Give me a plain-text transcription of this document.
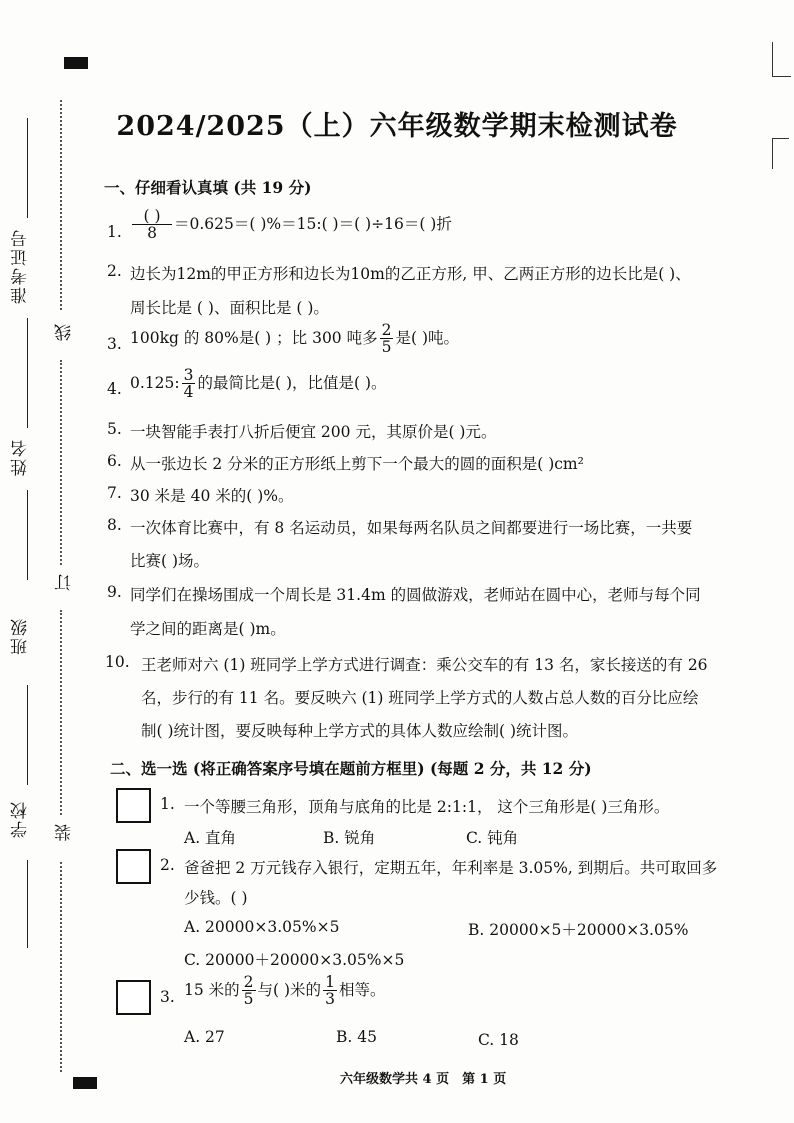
准考证号
姓名
班级
学校
线
订
装
2024/2025（上）六年级数学期末检测试卷
一、仔细看认真填 (共 19 分)
1. $\frac{( )}{8} =0.625=$( )%＝15:( )＝( )÷16＝( )折
2. 边长为12m的甲正方形和边长为10m的乙正方形, 甲、乙两正方形的边长比是( )、
周长比是 ( )、面积比是 ( )。
3. 100kg 的 80%是( ) ；比 300 吨多 $\frac{2}{5}$ 是( )吨。
4. 0.125: $\frac{3}{4}$ 的最简比是( )，比值是( )。
5. 一块智能手表打八折后便宜 200 元，其原价是( )元。
6. 从一张边长 2 分米的正方形纸上剪下一个最大的圆的面积是( )cm²
7. 30 米是 40 米的( )%。
8. 一次体育比赛中，有 8 名运动员，如果每两名队员之间都要进行一场比赛，一共要
比赛( )场。
9. 同学们在操场围成一个周长是 31.4m 的圆做游戏，老师站在圆中心，老师与每个同
学之间的距离是( )m。
10. 王老师对六 (1) 班同学上学方式进行调查：乘公交车的有 13 名，家长接送的有 26
名，步行的有 11 名。要反映六 (1) 班同学上学方式的人数占总人数的百分比应绘
制( )统计图，要反映每种上学方式的具体人数应绘制( )统计图。
二、选一选 (将正确答案序号填在题前方框里) (每题 2 分，共 12 分)
1. 一个等腰三角形，顶角与底角的比是 2:1:1， 这个三角形是( )三角形。
A. 直角	B. 锐角	C. 钝角
2. 爸爸把 2 万元钱存入银行，定期五年，年利率是 3.05%, 到期后。共可取回多
少钱。( )
A. 20000×3.05%×5	B. 20000×5＋20000×3.05%
C. 20000＋20000×3.05%×5
3. 15 米的 $\frac{2}{5}$ 与( )米的 $\frac{1}{3}$ 相等。
A. 27	B. 45	C. 18
六年级数学共 4 页　第 1 页
